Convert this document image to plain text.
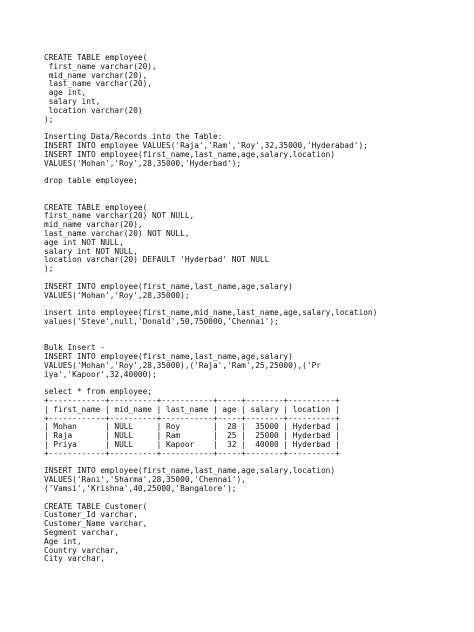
CREATE TABLE employee(
first_name varchar(20),
mid_name varchar(20),
last_name varchar(20),
age int,
salary int,
location varchar(20)
);
Inserting Data/Records into the Table:
INSERT INTO employee VALUES('Raja','Ram','Roy',32,35000,'Hyderabad');
INSERT INTO employee(first_name,last_name,age,salary,location)
VALUES('Mohan','Roy',28,35000,'Hyderbad');
drop table employee;
CREATE TABLE employee(
first_name varchar(20) NOT NULL,
mid_name varchar(20),
last_name varchar(20) NOT NULL,
age int NOT NULL,
salary int NOT NULL,
location varchar(20) DEFAULT 'Hyderbad' NOT NULL
);
INSERT INTO employee(first_name,last_name,age,salary)
VALUES('Mohan','Roy',28,35000);
insert into employee(first_name,mid_name,last_name,age,salary,location)
values('Steve',null,'Donald',50,750000,'Chennai');
Bulk Insert -
INSERT INTO employee(first_name,last_name,age,salary)
VALUES('Mohan','Roy',28,35000),('Raja','Ram',25,25000),('Pr
iya','Kapoor',32,40000);
select * from employee;
+------------+----------+-----------+-----+--------+----------+
| first_name | mid_name | last_name | age | salary | location |
+------------+----------+-----------+-----+--------+----------+
| Mohan      | NULL     | Roy       |  28 |  35000 | Hyderbad |
| Raja       | NULL     | Ram       |  25 |  25000 | Hyderbad |
| Priya      | NULL     | Kapoor    |  32 |  40000 | Hyderbad |
+------------+----------+-----------+-----+--------+----------+
INSERT INTO employee(first_name,last_name,age,salary,location)
VALUES('Rani','Sharma',28,35000,'Chennai'),
('Vamsi','Krishna',40,25000,'Bangalore');
CREATE TABLE Customer(
Customer_Id varchar,
Customer_Name varchar,
Segment varchar,
Age int,
Country varchar,
City varchar,
